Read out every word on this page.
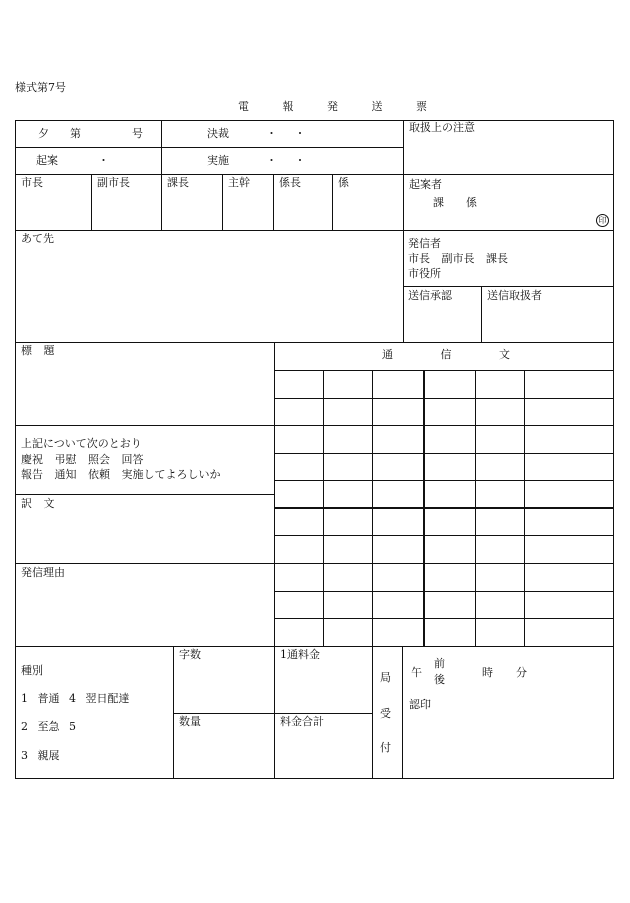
様式第7号
電 報 発 送 票
夕 第	号	決裁	・     ・
起案	・	実施	・     ・
取扱上の注意
市長	副市長	課長	主幹	係長	係	起案者
課 係
印
あて先	発信者
市長 副市長 課長
市役所
送信承認	送信取扱者
標 題	通 信 文
上記について次のとおり
慶祝 弔慰 照会 回答
報告 通知 依頼 実施してよろしいか
訳 文
発信理由
種別
1 普通 4 翌日配達
2 至急 5
3 親展
字数	1通料金
数量	料金合計
局
受
付
午
前
後
時 分
認印
